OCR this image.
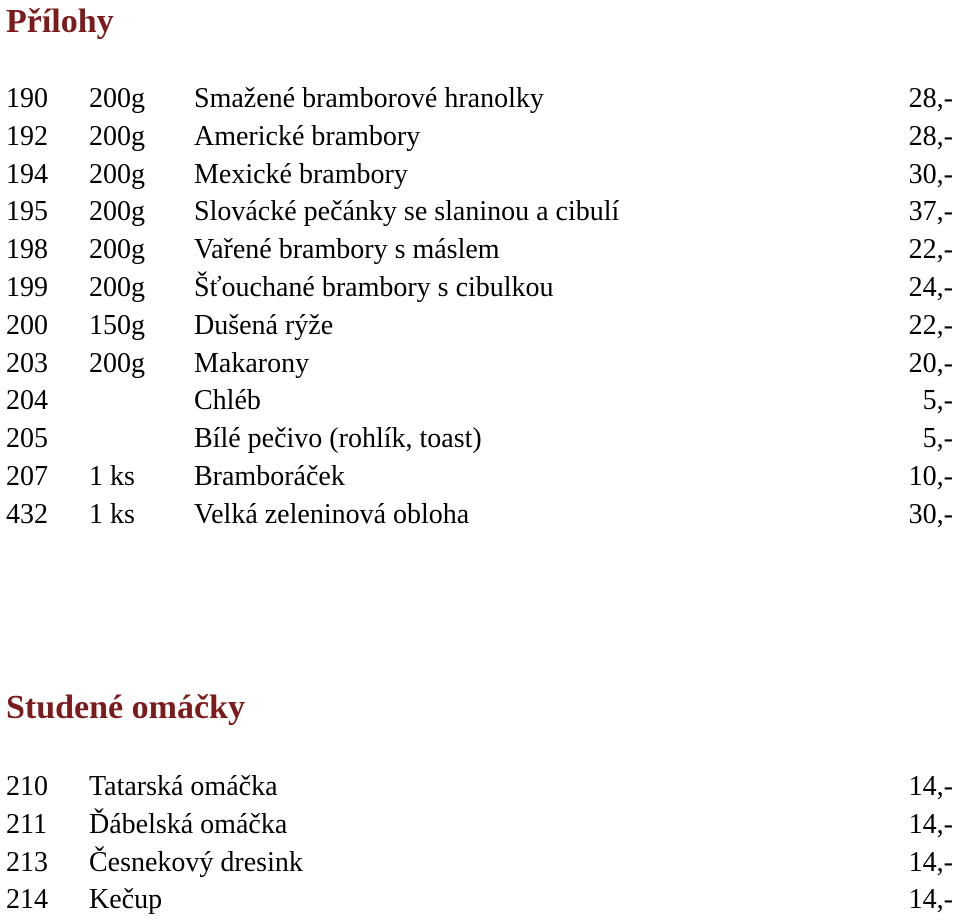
Přílohy
190 200g Smažené bramborové hranolky	28,-
192 200g Americké brambory	28,-
194 200g Mexické brambory	30,-
195 200g Slovácké pečánky se slaninou a cibulí	37,-
198 200g Vařené brambory s máslem	22,-
199 200g Šťouchané brambory s cibulkou	24,-
200 150g Dušená rýže	22,-
203 200g Makarony	20,-
204	Chléb	5,-
205	Bílé pečivo (rohlík, toast)	5,-
207 1 ks Bramboráček	10,-
432 1 ks Velká zeleninová obloha	30,-
Studené omáčky
210 Tatarská omáčka	14,-
211 Ďábelská omáčka	14,-
213 Česnekový dresink	14,-
214 Kečup	14,-
